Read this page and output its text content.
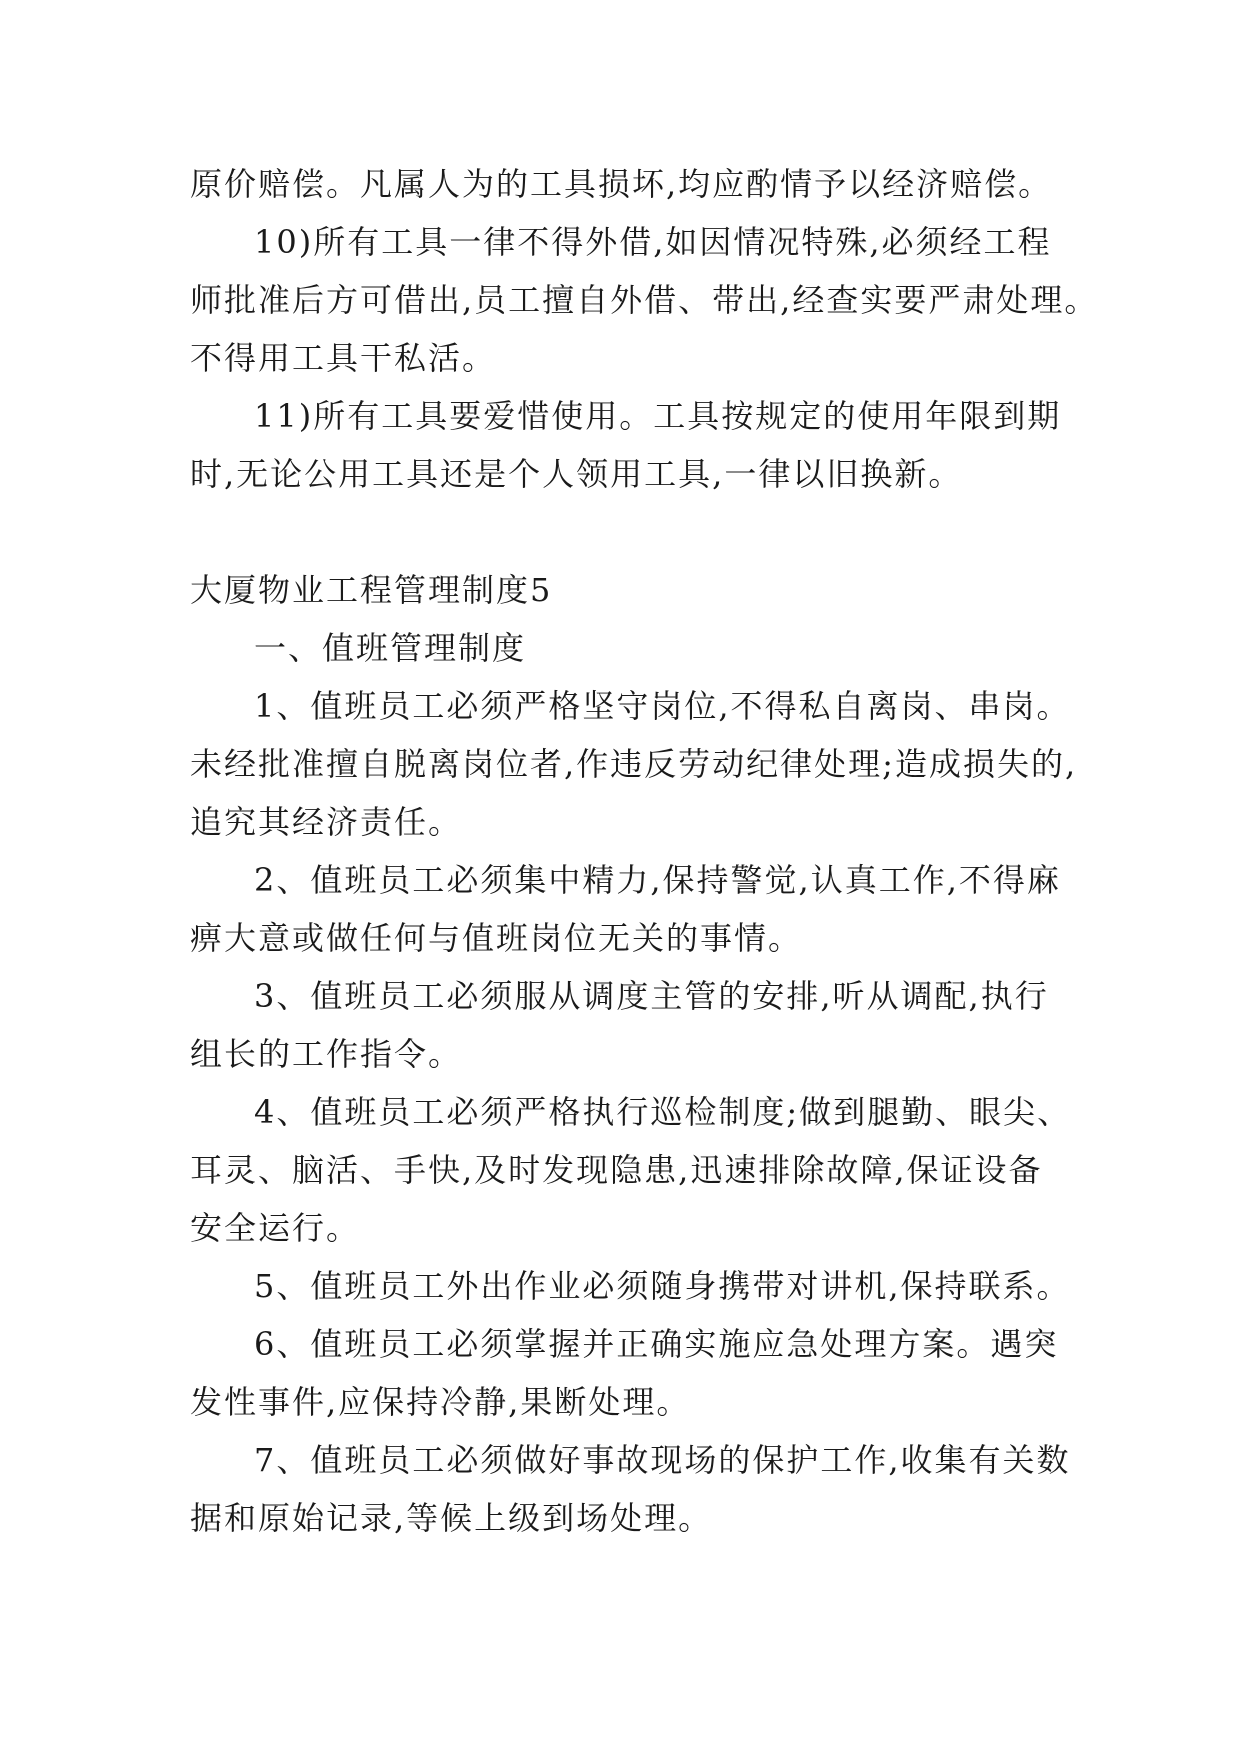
原价赔偿。凡属人为的工具损坏,均应酌情予以经济赔偿。
10)所有工具一律不得外借,如因情况特殊,必须经工程
师批准后方可借出,员工擅自外借、带出,经查实要严肃处理。
不得用工具干私活。
11)所有工具要爱惜使用。工具按规定的使用年限到期
时,无论公用工具还是个人领用工具,一律以旧换新。
大厦物业工程管理制度5
一、值班管理制度
1、值班员工必须严格坚守岗位,不得私自离岗、串岗。
未经批准擅自脱离岗位者,作违反劳动纪律处理;造成损失的,
追究其经济责任。
2、值班员工必须集中精力,保持警觉,认真工作,不得麻
痹大意或做任何与值班岗位无关的事情。
3、值班员工必须服从调度主管的安排,听从调配,执行
组长的工作指令。
4、值班员工必须严格执行巡检制度;做到腿勤、眼尖、
耳灵、脑活、手快,及时发现隐患,迅速排除故障,保证设备
安全运行。
5、值班员工外出作业必须随身携带对讲机,保持联系。
6、值班员工必须掌握并正确实施应急处理方案。遇突
发性事件,应保持冷静,果断处理。
7、值班员工必须做好事故现场的保护工作,收集有关数
据和原始记录,等候上级到场处理。
